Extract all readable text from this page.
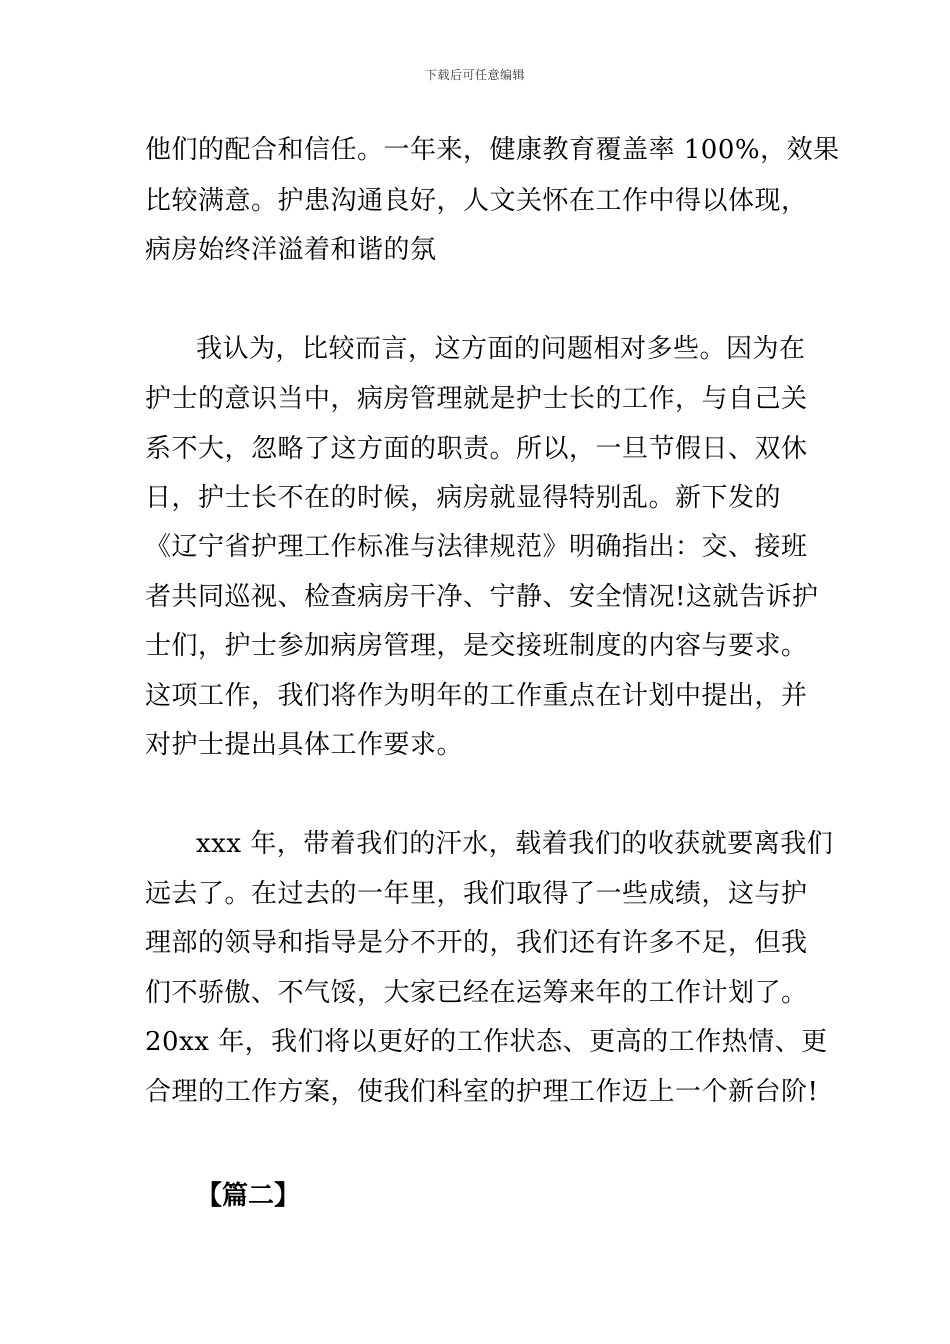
下载后可任意编辑
他们的配合和信任。一年来，健康教育覆盖率 100%，效果
比较满意。护患沟通良好，人文关怀在工作中得以体现，
病房始终洋溢着和谐的氛
我认为，比较而言，这方面的问题相对多些。因为在
护士的意识当中，病房管理就是护士长的工作，与自己关
系不大，忽略了这方面的职责。所以，一旦节假日、双休
日，护士长不在的时候，病房就显得特别乱。新下发的
《辽宁省护理工作标准与法律规范》明确指出：交、接班
者共同巡视、检查病房干净、宁静、安全情况!这就告诉护
士们，护士参加病房管理，是交接班制度的内容与要求。
这项工作，我们将作为明年的工作重点在计划中提出，并
对护士提出具体工作要求。
xxx 年，带着我们的汗水，载着我们的收获就要离我们
远去了。在过去的一年里，我们取得了一些成绩，这与护
理部的领导和指导是分不开的，我们还有许多不足，但我
们不骄傲、不气馁，大家已经在运筹来年的工作计划了。
20xx 年，我们将以更好的工作状态、更高的工作热情、更
合理的工作方案，使我们科室的护理工作迈上一个新台阶!
【篇二】
